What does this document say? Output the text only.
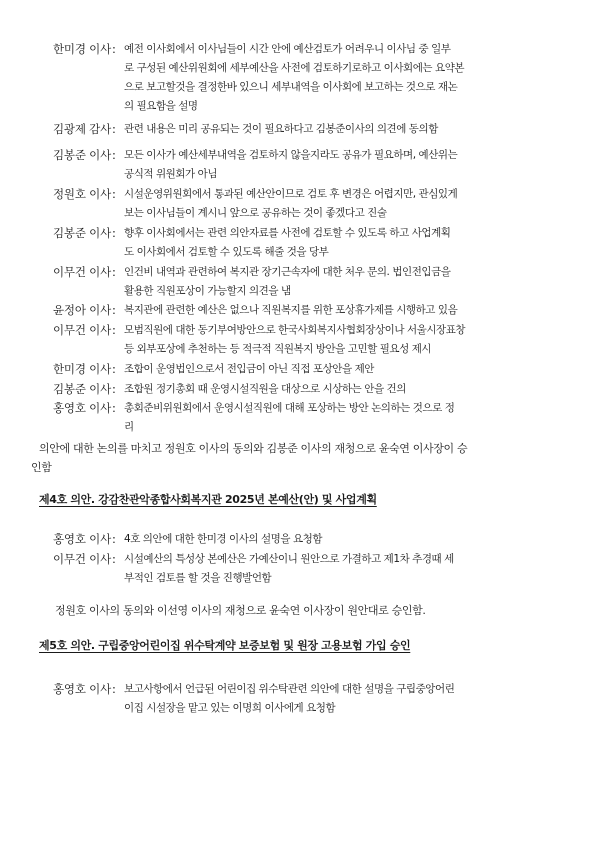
한미경 이사 : 예전 이사회에서 이사님들이 시간 안에 예산검토가 어려우니 이사님 중 일부
로 구성된 예산위원회에 세부예산을 사전에 검토하기로하고 이사회에는 요약본
으로 보고할것을 결정한바 있으니 세부내역을 이사회에 보고하는 것으로 재논
의 필요함을 설명
김광제 감사 : 관련 내용은 미리 공유되는 것이 필요하다고 김봉준이사의 의견에 동의함
김봉준 이사 : 모든 이사가 예산세부내역을 검토하지 않을지라도 공유가 필요하며, 예산위는
공식적 위원회가 아님
정원호 이사 : 시설운영위원회에서 통과된 예산안이므로 검토 후 변경은 어렵지만, 관심있게
보는 이사님들이 계시니 앞으로 공유하는 것이 좋겠다고 진술
김봉준 이사 : 향후 이사회에서는 관련 의안자료를 사전에 검토할 수 있도록 하고 사업계획
도 이사회에서 검토할 수 있도록 해줄 것을 당부
이무건 이사 : 인건비 내역과 관련하여 복지관 장기근속자에 대한 처우 문의. 법인전입금을
활용한 직원포상이 가능할지 의견을 냄
윤정아 이사 : 복지관에 관련한 예산은 없으나 직원복지를 위한 포상휴가제를 시행하고 있음
이무건 이사 : 모범직원에 대한 동기부여방안으로 한국사회복지사협회장상이나 서울시장표창
등 외부포상에 추천하는 등 적극적 직원복지 방안을 고민할 필요성 제시
한미경 이사 : 조합이 운영법인으로서 전입금이 아닌 직접 포상안을 제안
김봉준 이사 : 조합원 정기총회 때 운영시설직원을 대상으로 시상하는 안을 건의
홍영호 이사 : 총회준비위원회에서 운영시설직원에 대해 포상하는 방안 논의하는 것으로 정
리
의안에 대한 논의를 마치고 정원호 이사의 동의와 김봉준 이사의 재청으로 윤숙연 이사장이 승
인함
제4호 의안. 강감찬관악종합사회복지관 2025년 본예산(안) 및 사업계획
홍영호 이사 : 4호 의안에 대한 한미경 이사의 설명을 요청함
이무건 이사 : 시설예산의 특성상 본예산은 가예산이니 원안으로 가결하고 제1차 추경때 세
부적인 검토를 할 것을 진행발언함
정원호 이사의 동의와 이선영 이사의 재청으로 윤숙연 이사장이 원안대로 승인함.
제5호 의안. 구립중앙어린이집 위수탁계약 보증보험 및 원장 고용보험 가입 승인
홍영호 이사 : 보고사항에서 언급된 어린이집 위수탁관련 의안에 대한 설명을 구립중앙어린
이집 시설장을 맡고 있는 이명희 이사에게 요청함
